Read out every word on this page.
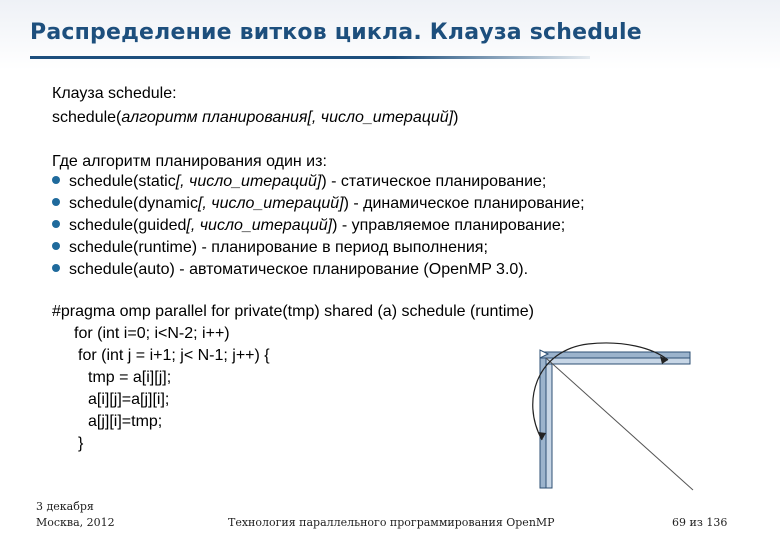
Распределение витков цикла. Клауза schedule
Клауза schedule:
schedule(алгоритм планирования[, число_итераций])
Где алгоритм планирования один из:
schedule(static[, число_итераций]) - статическое планирование;
schedule(dynamic[, число_итераций]) - динамическое планирование;
schedule(guided[, число_итераций]) - управляемое планирование;
schedule(runtime) - планирование в период выполнения;
schedule(auto) - автоматическое планирование (OpenMP 3.0).
#pragma omp parallel for private(tmp) shared (a) schedule (runtime)
for (int i=0; i<N-2; i++)
for (int j = i+1; j< N-1; j++) {
tmp = a[i][j];
a[i][j]=a[j][i];
a[j][i]=tmp;
}
3 декабря
Москва, 2012	Технология параллельного программирования OpenMP	69 из 136
